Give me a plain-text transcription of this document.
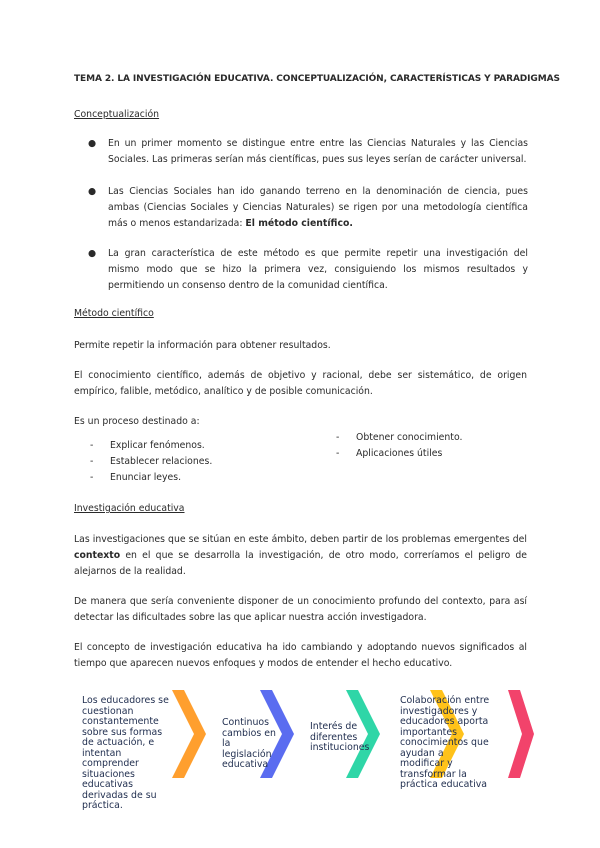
TEMA 2. LA INVESTIGACIÓN EDUCATIVA. CONCEPTUALIZACIÓN, CARACTERÍSTICAS Y PARADIGMAS
Conceptualización
●	En un primer momento se distingue entre entre las Ciencias Naturales y las Ciencias Sociales. Las primeras serían más científicas, pues sus leyes serían de carácter universal.
●	Las Ciencias Sociales han ido ganando terreno en la denominación de ciencia, pues ambas (Ciencias Sociales y Ciencias Naturales) se rigen por una metodología científica más o menos estandarizada: El método científico.
●	La gran característica de este método es que permite repetir una investigación del mismo modo que se hizo la primera vez, consiguiendo los mismos resultados y permitiendo un consenso dentro de la comunidad científica.
Método científico
Permite repetir la información para obtener resultados.
El conocimiento científico, además de objetivo y racional, debe ser sistemático, de origen empírico, falible, metódico, analítico y de posible comunicación.
Es un proceso destinado a:
- Explicar fenómenos.
- Establecer relaciones.
- Enunciar leyes.
- Obtener conocimiento.
- Aplicaciones útiles
Investigación educativa
Las investigaciones que se sitúan en este ámbito, deben partir de los problemas emergentes del contexto en el que se desarrolla la investigación, de otro modo, correríamos el peligro de alejarnos de la realidad.
De manera que sería conveniente disponer de un conocimiento profundo del contexto, para así detectar las dificultades sobre las que aplicar nuestra acción investigadora.
El concepto de investigación educativa ha ido cambiando y adoptando nuevos significados al tiempo que aparecen nuevos enfoques y modos de entender el hecho educativo.
Los educadores se cuestionan constantemente sobre sus formas de actuación, e intentan comprender situaciones educativas derivadas de su práctica.
Continuos cambios en la legislación educativa
Interés de diferentes instituciones
Colaboración entre investigadores y educadores aporta importantes conocimientos que ayudan a modificar y transformar la práctica educativa
